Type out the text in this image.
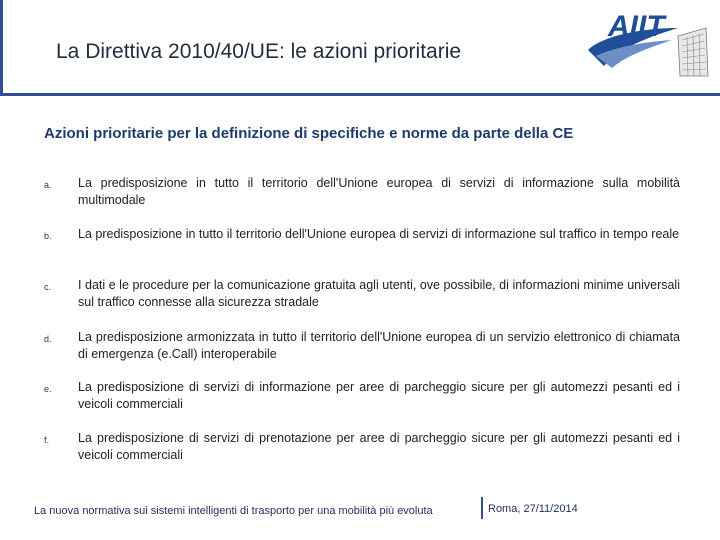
La Direttiva 2010/40/UE: le azioni prioritarie
AIIT
Azioni prioritarie per la definizione di specifiche e norme da parte della CE
a. La predisposizione in tutto il territorio dell'Unione europea di servizi di informazione sulla mobilità multimodale
b. La predisposizione in tutto il territorio dell'Unione europea di servizi di informazione sul traffico in tempo reale
c. I dati e le procedure per la comunicazione gratuita agli utenti, ove possibile, di informazioni minime universali sul traffico connesse alla sicurezza stradale
d. La predisposizione armonizzata in tutto il territorio dell'Unione europea di un servizio elettronico di chiamata di emergenza (e.Call) interoperabile
e. La predisposizione di servizi di informazione per aree di parcheggio sicure per gli automezzi pesanti ed i veicoli commerciali
f. La predisposizione di servizi di prenotazione per aree di parcheggio sicure per gli automezzi pesanti ed i veicoli commerciali
La nuova normativa sui sistemi intelligenti di trasporto per una mobilità più evoluta	Roma, 27/11/2014
